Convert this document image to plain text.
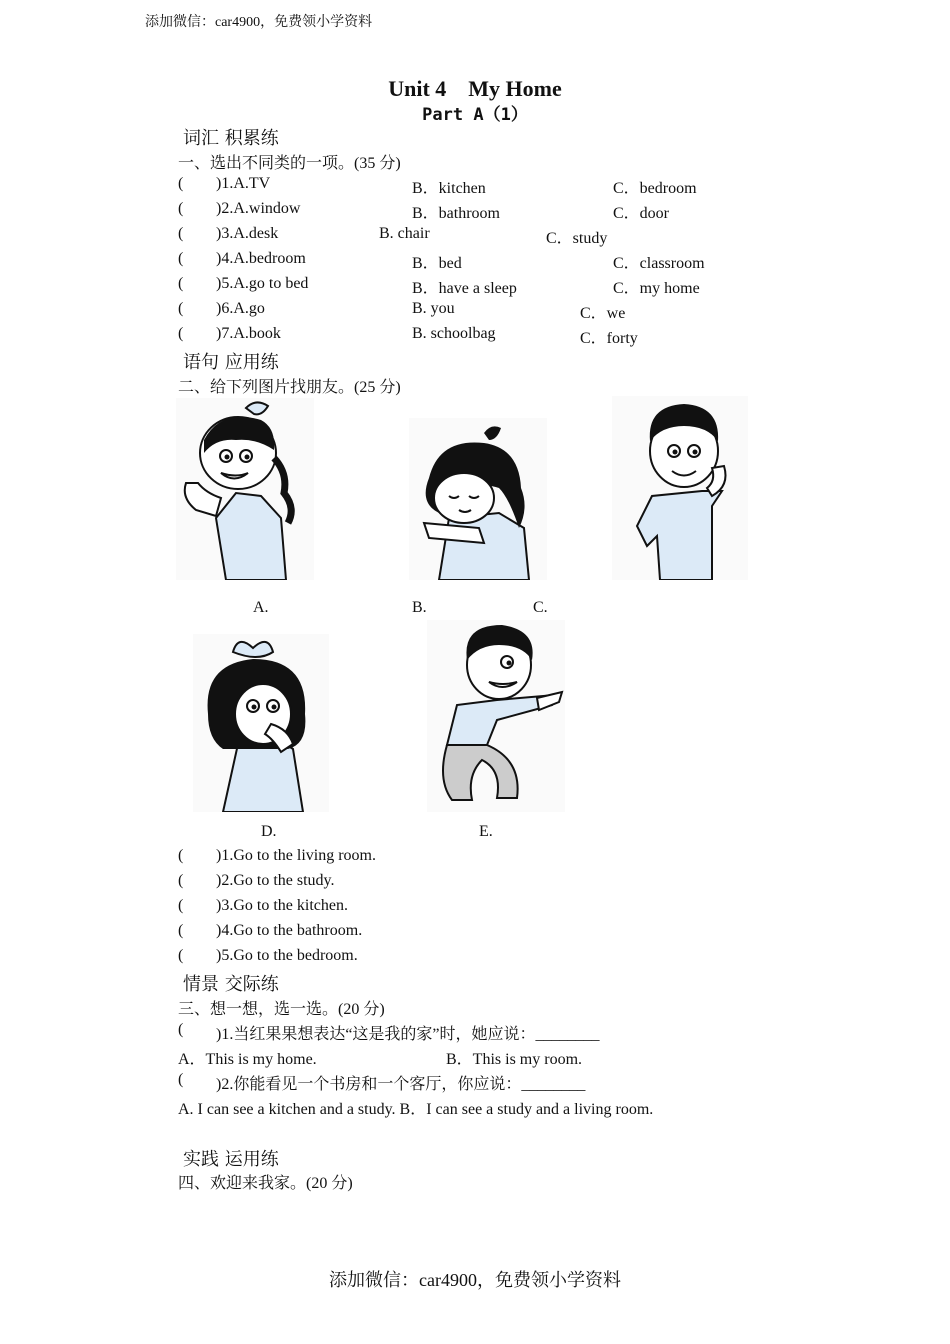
添加微信：car4900，免费领小学资料
Unit 4　My Home
Part A（1）
词汇 积累练
一、选出不同类的一项。(35 分)
( )1.A.TV	B．kitchen	C．bedroom
( )2.A.window	B．bathroom	C．door
( )3.A.desk	B. chair	C．study
( )4.A.bedroom	B．bed	C．classroom
( )5.A.go to bed	B．have a sleep	C．my home
( )6.A.go	B. you	C．we
( )7.A.book	B. schoolbag	C．forty
语句 应用练
二、给下列图片找朋友。(25 分)
A.	B.	C.
D.	E.
( )1.Go to the living room.
( )2.Go to the study.
( )3.Go to the kitchen.
( )4.Go to the bathroom.
( )5.Go to the bedroom.
情景 交际练
三、想一想，选一选。(20 分)
( )1.当红果果想表达“这是我的家”时，她应说：________
A．This is my home.	B．This is my room.
( )2.你能看见一个书房和一个客厅，你应说：________
A. I can see a kitchen and a study. B．I can see a study and a living room.
实践 运用练
四、欢迎来我家。(20 分)
添加微信：car4900，免费领小学资料
